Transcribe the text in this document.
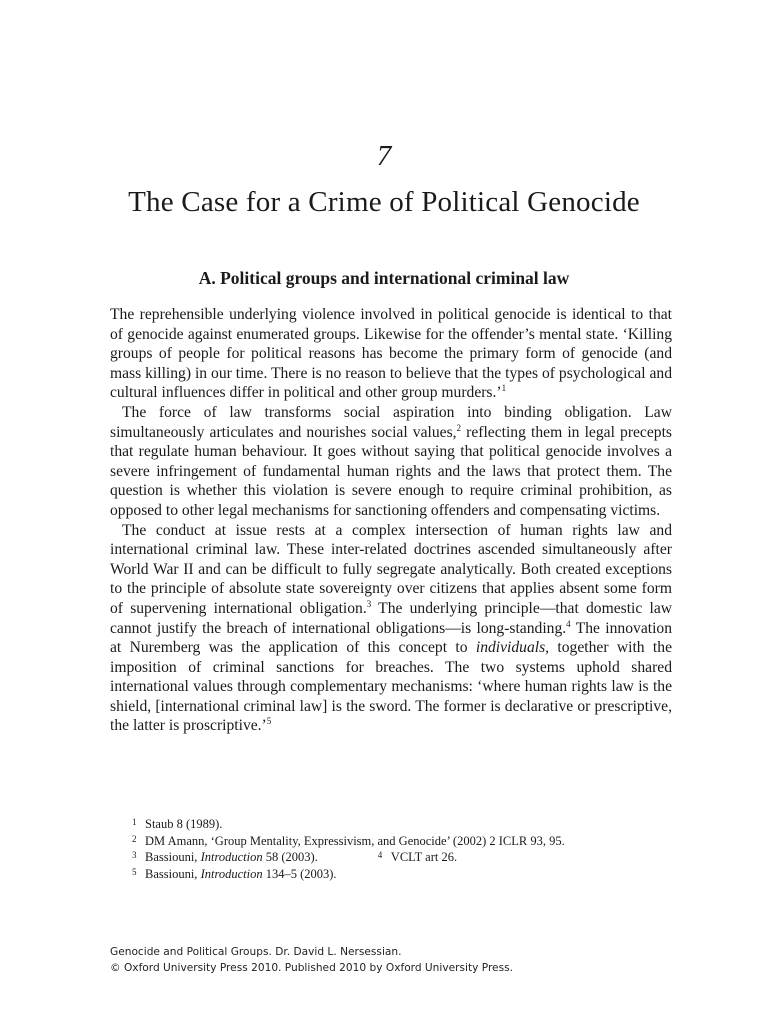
7
The Case for a Crime of Political Genocide
A. Political groups and international criminal law

The reprehensible underlying violence involved in political genocide is identical to that of genocide against enumerated groups. Likewise for the offender’s mental state. ‘Killing groups of people for political reasons has become the primary form of genocide (and mass killing) in our time. There is no reason to believe that the types of psychological and cultural influences differ in political and other group murders.’$^1$

The force of law transforms social aspiration into binding obligation. Law simultaneously articulates and nourishes social values,$^2$ reflecting them in legal precepts that regulate human behaviour. It goes without saying that political genocide involves a severe infringement of fundamental human rights and the laws that protect them. The question is whether this violation is severe enough to require criminal prohibition, as opposed to other legal mechanisms for sanctioning offenders and compensating victims.

The conduct at issue rests at a complex intersection of human rights law and international criminal law. These inter-related doctrines ascended simultaneously after World War II and can be difficult to fully segregate analytically. Both created exceptions to the principle of absolute state sovereignty over citizens that applies absent some form of supervening international obligation.$^3$ The underlying principle—that domestic law cannot justify the breach of international obligations—is long-standing.$^4$ The innovation at Nuremberg was the application of this concept to individuals, together with the imposition of criminal sanctions for breaches. The two systems uphold shared international values through complementary mechanisms: ‘where human rights law is the shield, [international criminal law] is the sword. The former is declarative or prescriptive, the latter is proscriptive.’$^5$

1 Staub 8 (1989).
2 DM Amann, ‘Group Mentality, Expressivism, and Genocide’ (2002) 2 ICLR 93, 95.
3 Bassiouni, Introduction 58 (2003).	4 VCLT art 26.
5 Bassiouni, Introduction 134–5 (2003).
Genocide and Political Groups. Dr. David L. Nersessian.
© Oxford University Press 2010. Published 2010 by Oxford University Press.
